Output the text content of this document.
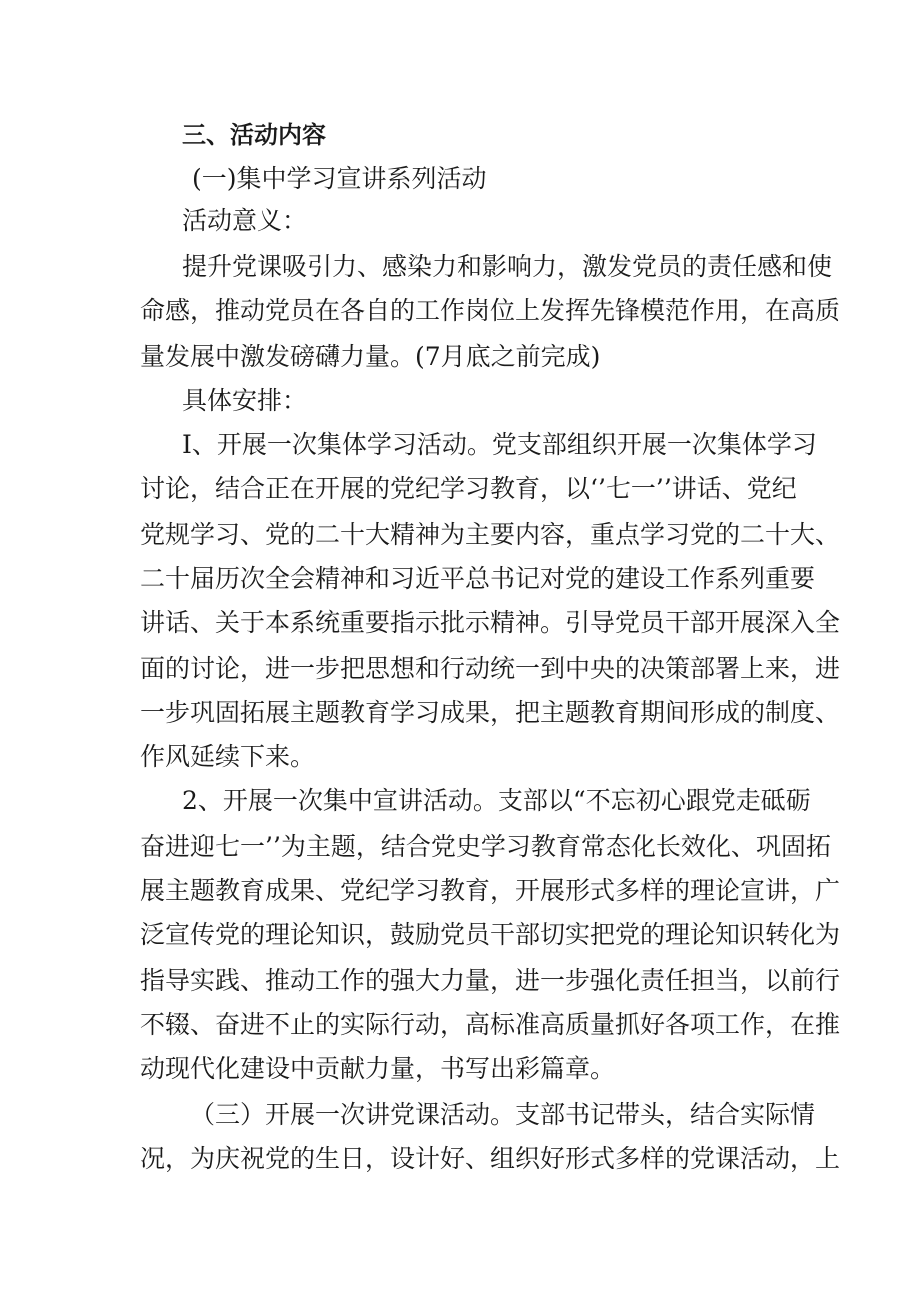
三、活动内容
(一)集中学习宣讲系列活动
活动意义：
提升党课吸引力、感染力和影响力，激发党员的责任感和使
命感，推动党员在各自的工作岗位上发挥先锋模范作用，在高质
量发展中激发磅礴力量。(7月底之前完成)
具体安排：
I、开展一次集体学习活动。党支部组织开展一次集体学习
讨论，结合正在开展的党纪学习教育，以‘’七一’’讲话、党纪
党规学习、党的二十大精神为主要内容，重点学习党的二十大、
二十届历次全会精神和习近平总书记对党的建设工作系列重要
讲话、关于本系统重要指示批示精神。引导党员干部开展深入全
面的讨论，进一步把思想和行动统一到中央的决策部署上来，进
一步巩固拓展主题教育学习成果，把主题教育期间形成的制度、
作风延续下来。
2、开展一次集中宣讲活动。支部以“不忘初心跟党走砥砺
奋进迎七一’’为主题，结合党史学习教育常态化长效化、巩固拓
展主题教育成果、党纪学习教育，开展形式多样的理论宣讲，广
泛宣传党的理论知识，鼓励党员干部切实把党的理论知识转化为
指导实践、推动工作的强大力量，进一步强化责任担当，以前行
不辍、奋进不止的实际行动，高标准高质量抓好各项工作，在推
动现代化建设中贡献力量，书写出彩篇章。
（三）开展一次讲党课活动。支部书记带头，结合实际情
况，为庆祝党的生日，设计好、组织好形式多样的党课活动，上
